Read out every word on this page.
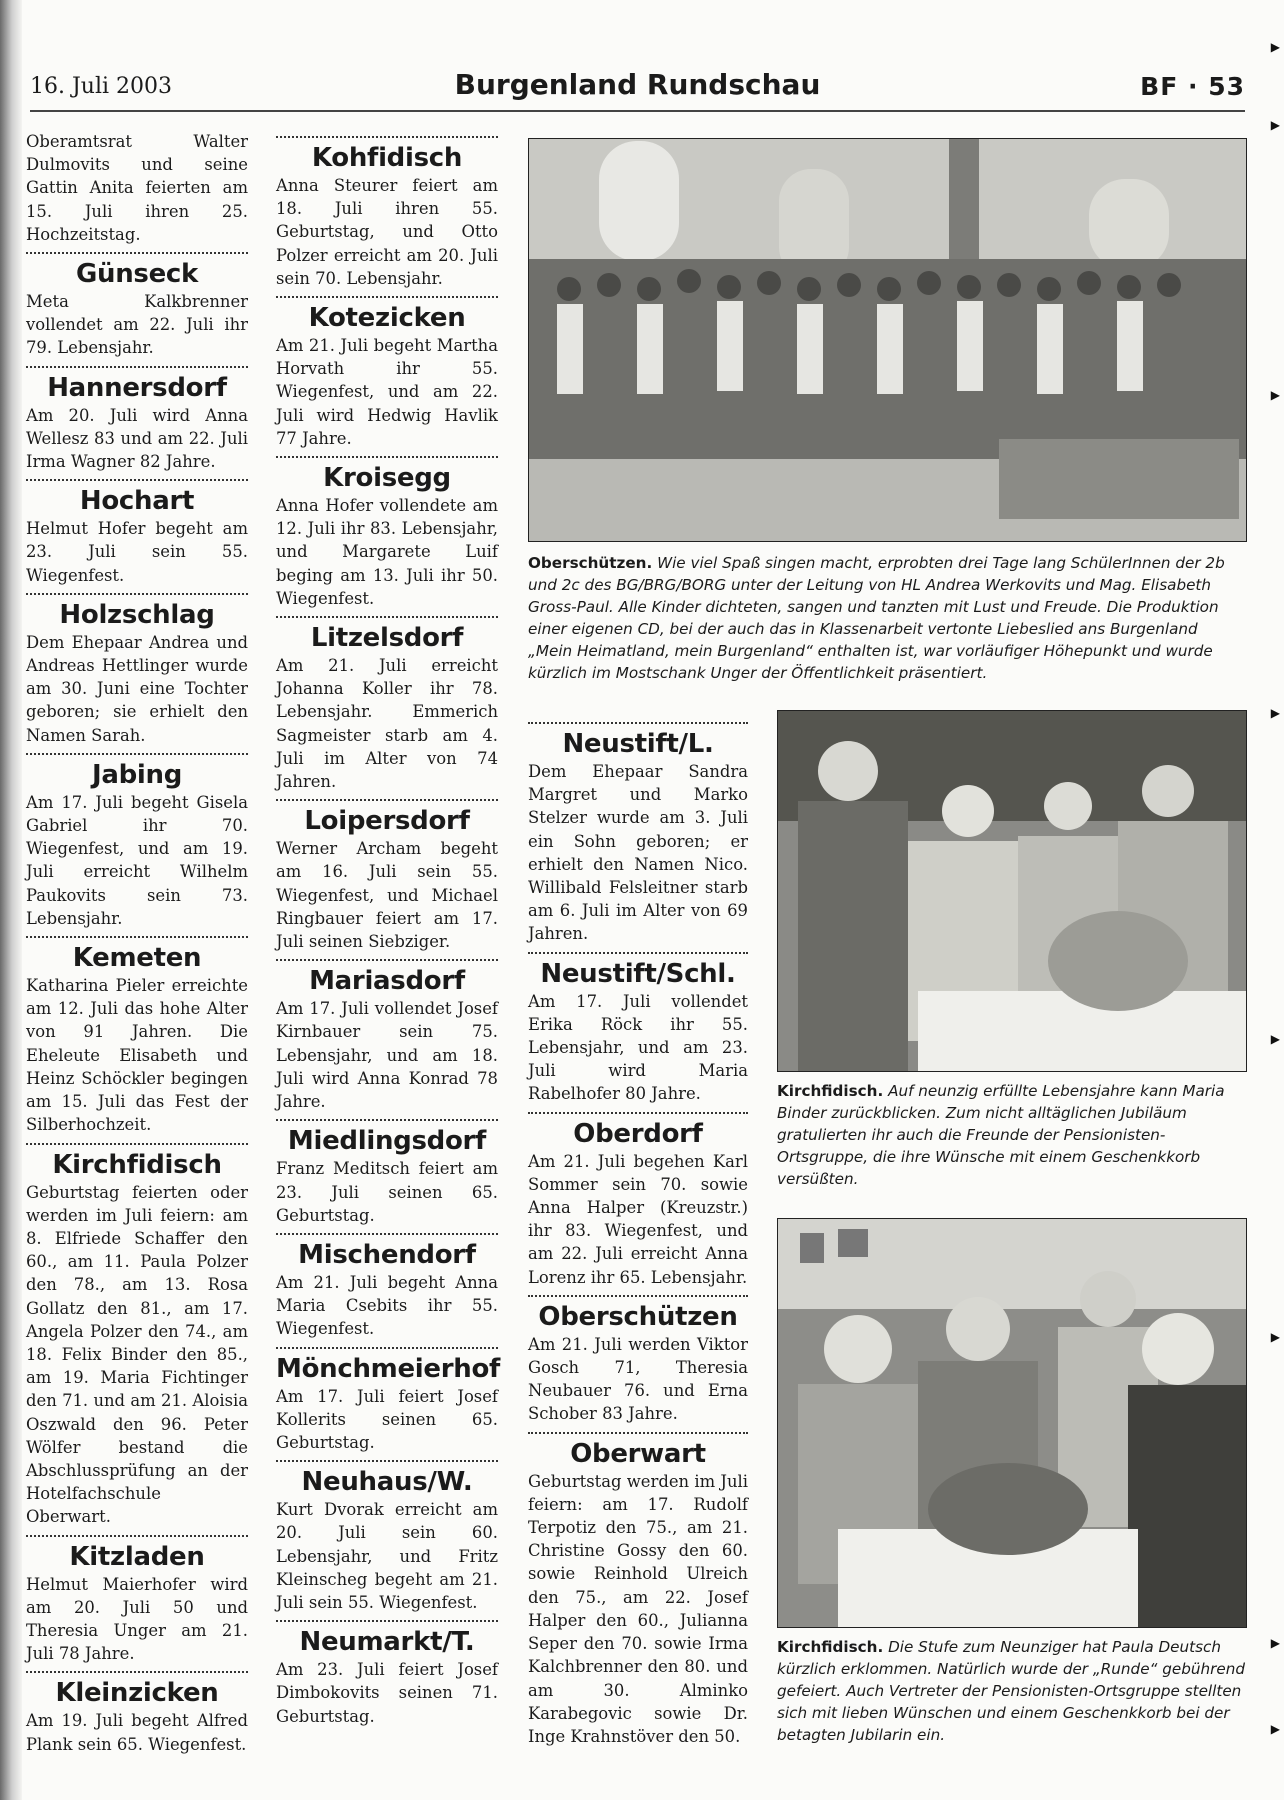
16. Juli 2003	Burgenland Rundschau	BF · 53
Oberamtsrat Walter Dulmovits und seine Gattin Anita feierten am 15. Juli ihren 25. Hochzeitstag.
Günseck
Meta Kalkbrenner vollendet am 22. Juli ihr 79. Lebensjahr.
Hannersdorf
Am 20. Juli wird Anna Wellesz 83 und am 22. Juli Irma Wagner 82 Jahre.
Hochart
Helmut Hofer begeht am 23. Juli sein 55. Wiegenfest.
Holzschlag
Dem Ehepaar Andrea und Andreas Hettlinger wurde am 30. Juni eine Tochter geboren; sie erhielt den Namen Sarah.
Jabing
Am 17. Juli begeht Gisela Gabriel ihr 70. Wiegenfest, und am 19. Juli erreicht Wilhelm Paukovits sein 73. Lebensjahr.
Kemeten
Katharina Pieler erreichte am 12. Juli das hohe Alter von 91 Jahren. Die Eheleute Elisabeth und Heinz Schöckler begingen am 15. Juli das Fest der Silberhochzeit.
Kirchfidisch
Geburtstag feierten oder werden im Juli feiern: am 8. Elfriede Schaffer den 60., am 11. Paula Polzer den 78., am 13. Rosa Gollatz den 81., am 17. Angela Polzer den 74., am 18. Felix Binder den 85., am 19. Maria Fichtinger den 71. und am 21. Aloisia Oszwald den 96. Peter Wölfer bestand die Abschlussprüfung an der Hotelfachschule Oberwart.
Kitzladen
Helmut Maierhofer wird am 20. Juli 50 und Theresia Unger am 21. Juli 78 Jahre.
Kleinzicken
Am 19. Juli begeht Alfred Plank sein 65. Wiegenfest.
Kohfidisch
Anna Steurer feiert am 18. Juli ihren 55. Geburtstag, und Otto Polzer erreicht am 20. Juli sein 70. Lebensjahr.
Kotezicken
Am 21. Juli begeht Martha Horvath ihr 55. Wiegenfest, und am 22. Juli wird Hedwig Havlik 77 Jahre.
Kroisegg
Anna Hofer vollendete am 12. Juli ihr 83. Lebensjahr, und Margarete Luif beging am 13. Juli ihr 50. Wiegenfest.
Litzelsdorf
Am 21. Juli erreicht Johanna Koller ihr 78. Lebensjahr. Emmerich Sagmeister starb am 4. Juli im Alter von 74 Jahren.
Loipersdorf
Werner Archam begeht am 16. Juli sein 55. Wiegenfest, und Michael Ringbauer feiert am 17. Juli seinen Siebziger.
Mariasdorf
Am 17. Juli vollendet Josef Kirnbauer sein 75. Lebensjahr, und am 18. Juli wird Anna Konrad 78 Jahre.
Miedlingsdorf
Franz Meditsch feiert am 23. Juli seinen 65. Geburtstag.
Mischendorf
Am 21. Juli begeht Anna Maria Csebits ihr 55. Wiegenfest.
Mönchmeierhof
Am 17. Juli feiert Josef Kollerits seinen 65. Geburtstag.
Neuhaus/W.
Kurt Dvorak erreicht am 20. Juli sein 60. Lebensjahr, und Fritz Kleinscheg begeht am 21. Juli sein 55. Wiegenfest.
Neumarkt/T.
Am 23. Juli feiert Josef Dimbokovits seinen 71. Geburtstag.
Neustift/L.
Dem Ehepaar Sandra Margret und Marko Stelzer wurde am 3. Juli ein Sohn geboren; er erhielt den Namen Nico. Willibald Felsleitner starb am 6. Juli im Alter von 69 Jahren.
Neustift/Schl.
Am 17. Juli vollendet Erika Röck ihr 55. Lebensjahr, und am 23. Juli wird Maria Rabelhofer 80 Jahre.
Oberdorf
Am 21. Juli begehen Karl Sommer sein 70. sowie Anna Halper (Kreuzstr.) ihr 83. Wiegenfest, und am 22. Juli erreicht Anna Lorenz ihr 65. Lebensjahr.
Oberschützen
Am 21. Juli werden Viktor Gosch 71, Theresia Neubauer 76. und Erna Schober 83 Jahre.
Oberwart
Geburtstag werden im Juli feiern: am 17. Rudolf Terpotiz den 75., am 21. Christine Gossy den 60. sowie Reinhold Ulreich den 75., am 22. Josef Halper den 60., Julianna Seper den 70. sowie Irma Kalchbrenner den 80. und am 30. Alminko Karabegovic sowie Dr. Inge Krahnstöver den 50.
Oberschützen. Wie viel Spaß singen macht, erprobten drei Tage lang SchülerInnen der 2b und 2c des BG/BRG/BORG unter der Leitung von HL Andrea Werkovits und Mag. Elisabeth Gross-Paul. Alle Kinder dichteten, sangen und tanzten mit Lust und Freude. Die Produktion einer eigenen CD, bei der auch das in Klassenarbeit vertonte Liebeslied ans Burgenland „Mein Heimatland, mein Burgenland“ enthalten ist, war vorläufiger Höhepunkt und wurde kürzlich im Mostschank Unger der Öffentlichkeit präsentiert.
Kirchfidisch. Auf neunzig erfüllte Lebensjahre kann Maria Binder zurückblicken. Zum nicht alltäglichen Jubiläum gratulierten ihr auch die Freunde der Pensionisten-Ortsgruppe, die ihre Wünsche mit einem Geschenkkorb versüßten.
Kirchfidisch. Die Stufe zum Neunziger hat Paula Deutsch kürzlich erklommen. Natürlich wurde der „Runde“ gebührend gefeiert. Auch Vertreter der Pensionisten-Ortsgruppe stellten sich mit lieben Wünschen und einem Geschenkkorb bei der betagten Jubilarin ein.
▶
▶
▶
▶
▶
▶
▶
▶
